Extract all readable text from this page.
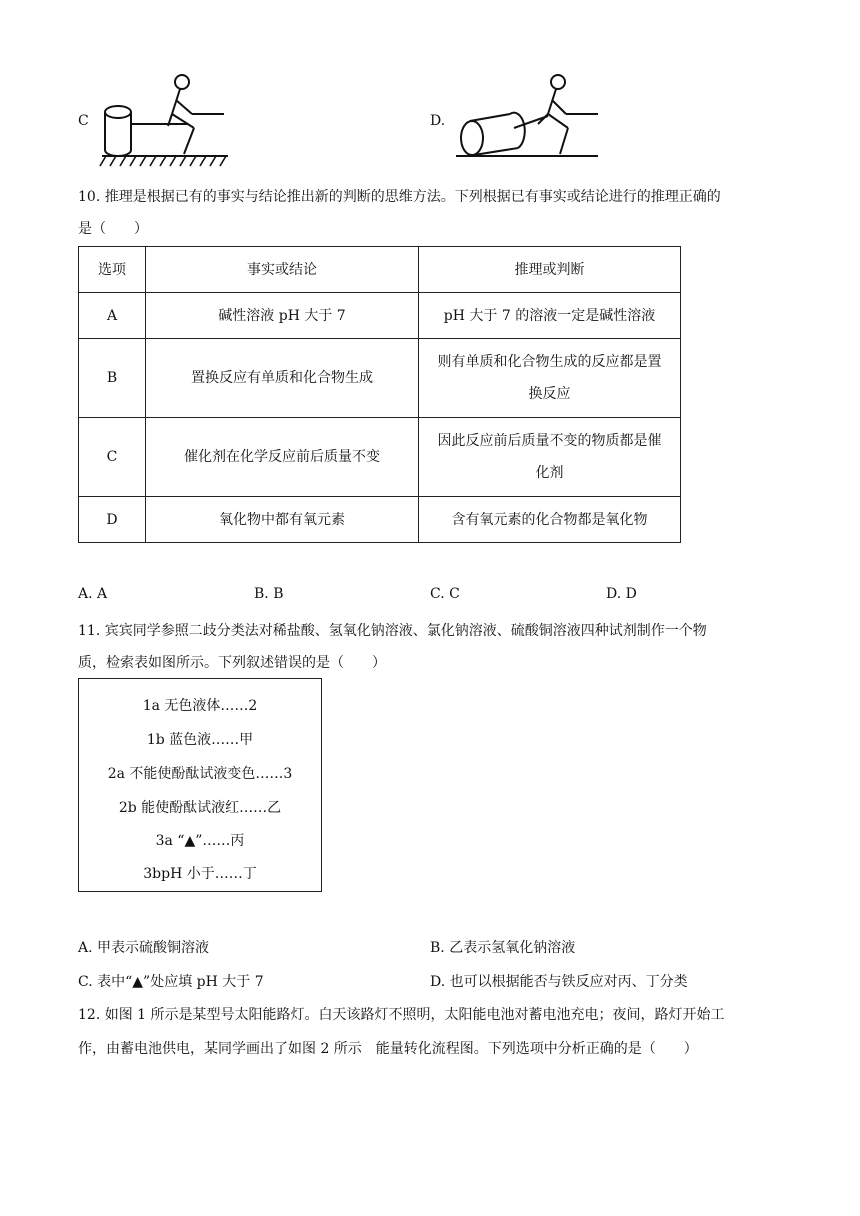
C	D.
10. 推理是根据已有的事实与结论推出新的判断的思维方法。下列根据已有事实或结论进行的推理正确的
是（　　）
选项	事实或结论	推理或判断
A	碱性溶液 pH 大于 7	pH 大于 7 的溶液一定是碱性溶液
B	置换反应有单质和化合物生成	则有单质和化合物生成的反应都是置
换反应
C	催化剂在化学反应前后质量不变	因此反应前后质量不变的物质都是催
化剂
D	氧化物中都有氧元素	含有氧元素的化合物都是氧化物
A. A	B. B	C. C	D. D
11. 宾宾同学参照二歧分类法对稀盐酸、氢氧化钠溶液、氯化钠溶液、硫酸铜溶液四种试剂制作一个物
质，检索表如图所示。下列叙述错误的是（　　）
1a 无色液体……2
1b 蓝色液……甲
2a 不能使酚酞试液变色……3
2b 能使酚酞试液红……乙
3a “▲”……丙
3bpH 小于……丁
A. 甲表示硫酸铜溶液	B. 乙表示氢氧化钠溶液
C. 表中“▲”处应填 pH 大于 7	D. 也可以根据能否与铁反应对丙、丁分类
12. 如图 1 所示是某型号太阳能路灯。白天该路灯不照明，太阳能电池对蓄电池充电；夜间，路灯开始工
作，由蓄电池供电，某同学画出了如图 2 所示　能量转化流程图。下列选项中分析正确的是（　　）
